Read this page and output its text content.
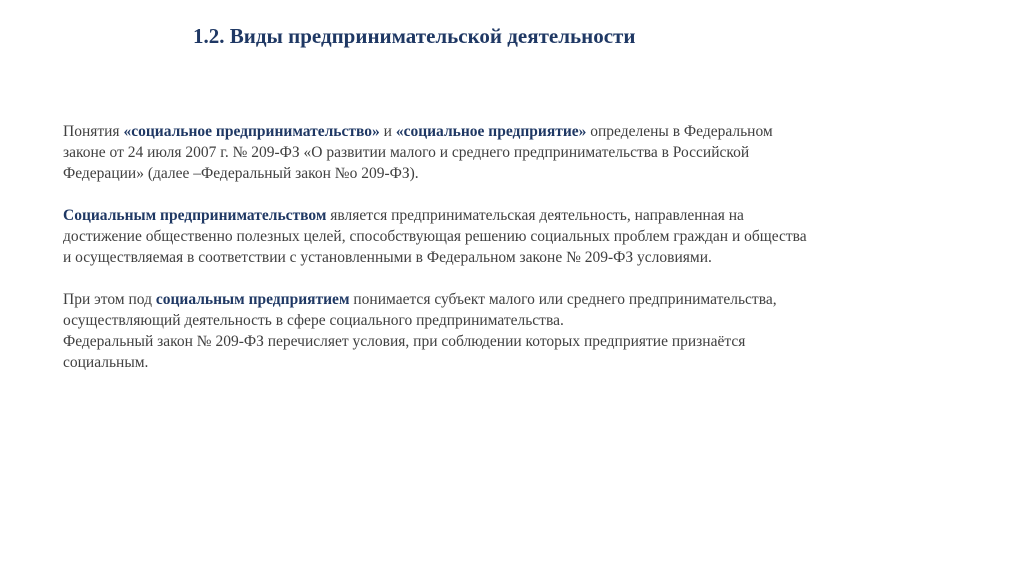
1.2. Виды предпринимательской деятельности

Понятия «социальное предпринимательство» и «социальное предприятие» определены в Федеральном
законе от 24 июля 2007 г. № 209-ФЗ «О развитии малого и среднего предпринимательства в Российской
Федерации» (далее –Федеральный закон №о 209-ФЗ).

Социальным предпринимательством является предпринимательская деятельность, направленная на
достижение общественно полезных целей, способствующая решению социальных проблем граждан и общества
и осуществляемая в соответствии с установленными в Федеральном законе № 209-ФЗ условиями.

При этом под социальным предприятием понимается субъект малого или среднего предпринимательства,
осуществляющий деятельность в сфере социального предпринимательства.
Федеральный закон № 209-ФЗ перечисляет условия, при соблюдении которых предприятие признаётся
социальным.
